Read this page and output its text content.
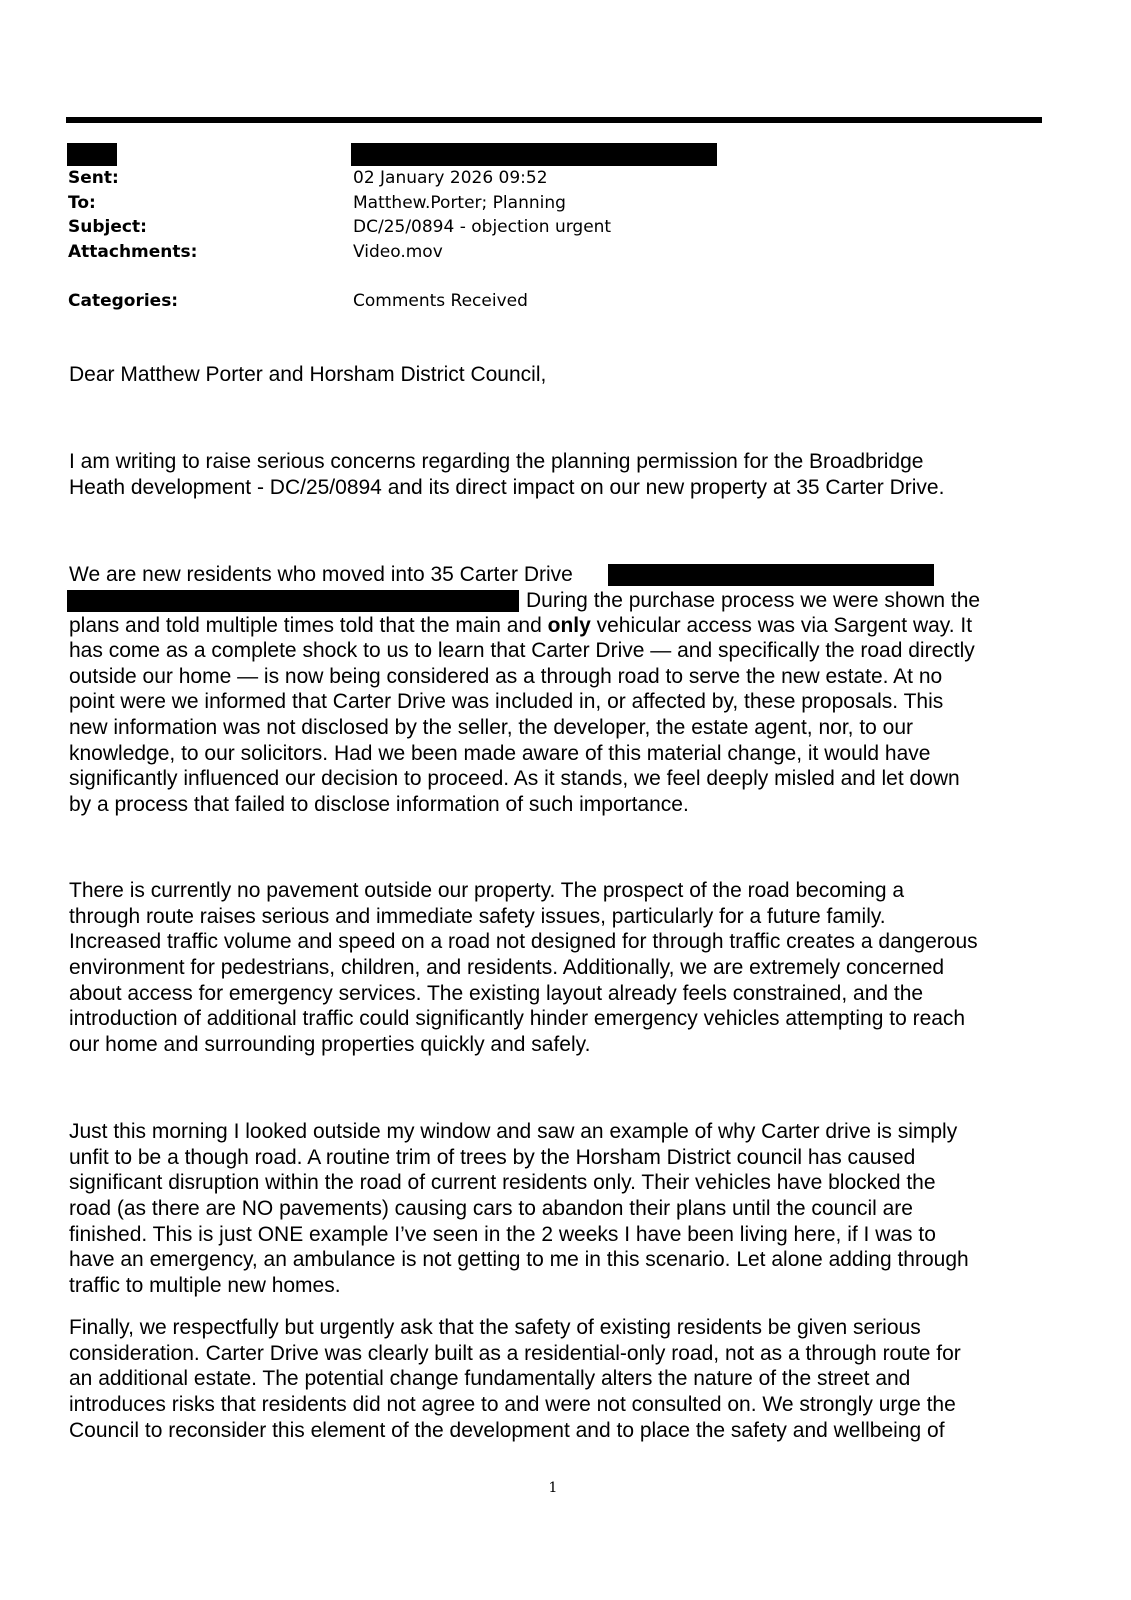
Sent:	02 January 2026 09:52
To:	Matthew.Porter; Planning
Subject:	DC/25/0894 - objection urgent
Attachments:	Video.mov
Categories:	Comments Received
Dear Matthew Porter and Horsham District Council,
I am writing to raise serious concerns regarding the planning permission for the Broadbridge
Heath development - DC/25/0894 and its direct impact on our new property at 35 Carter Drive.
We are new residents who moved into 35 Carter Drive
During the purchase process we were shown the
plans and told multiple times told that the main and only vehicular access was via Sargent way. It
has come as a complete shock to us to learn that Carter Drive — and specifically the road directly
outside our home — is now being considered as a through road to serve the new estate. At no
point were we informed that Carter Drive was included in, or affected by, these proposals. This
new information was not disclosed by the seller, the developer, the estate agent, nor, to our
knowledge, to our solicitors. Had we been made aware of this material change, it would have
significantly influenced our decision to proceed. As it stands, we feel deeply misled and let down
by a process that failed to disclose information of such importance.
There is currently no pavement outside our property. The prospect of the road becoming a
through route raises serious and immediate safety issues, particularly for a future family.
Increased traffic volume and speed on a road not designed for through traffic creates a dangerous
environment for pedestrians, children, and residents. Additionally, we are extremely concerned
about access for emergency services. The existing layout already feels constrained, and the
introduction of additional traffic could significantly hinder emergency vehicles attempting to reach
our home and surrounding properties quickly and safely.
Just this morning I looked outside my window and saw an example of why Carter drive is simply
unfit to be a though road. A routine trim of trees by the Horsham District council has caused
significant disruption within the road of current residents only. Their vehicles have blocked the
road (as there are NO pavements) causing cars to abandon their plans until the council are
finished. This is just ONE example I’ve seen in the 2 weeks I have been living here, if I was to
have an emergency, an ambulance is not getting to me in this scenario. Let alone adding through
traffic to multiple new homes.
Finally, we respectfully but urgently ask that the safety of existing residents be given serious
consideration. Carter Drive was clearly built as a residential-only road, not as a through route for
an additional estate. The potential change fundamentally alters the nature of the street and
introduces risks that residents did not agree to and were not consulted on. We strongly urge the
Council to reconsider this element of the development and to place the safety and wellbeing of
1
